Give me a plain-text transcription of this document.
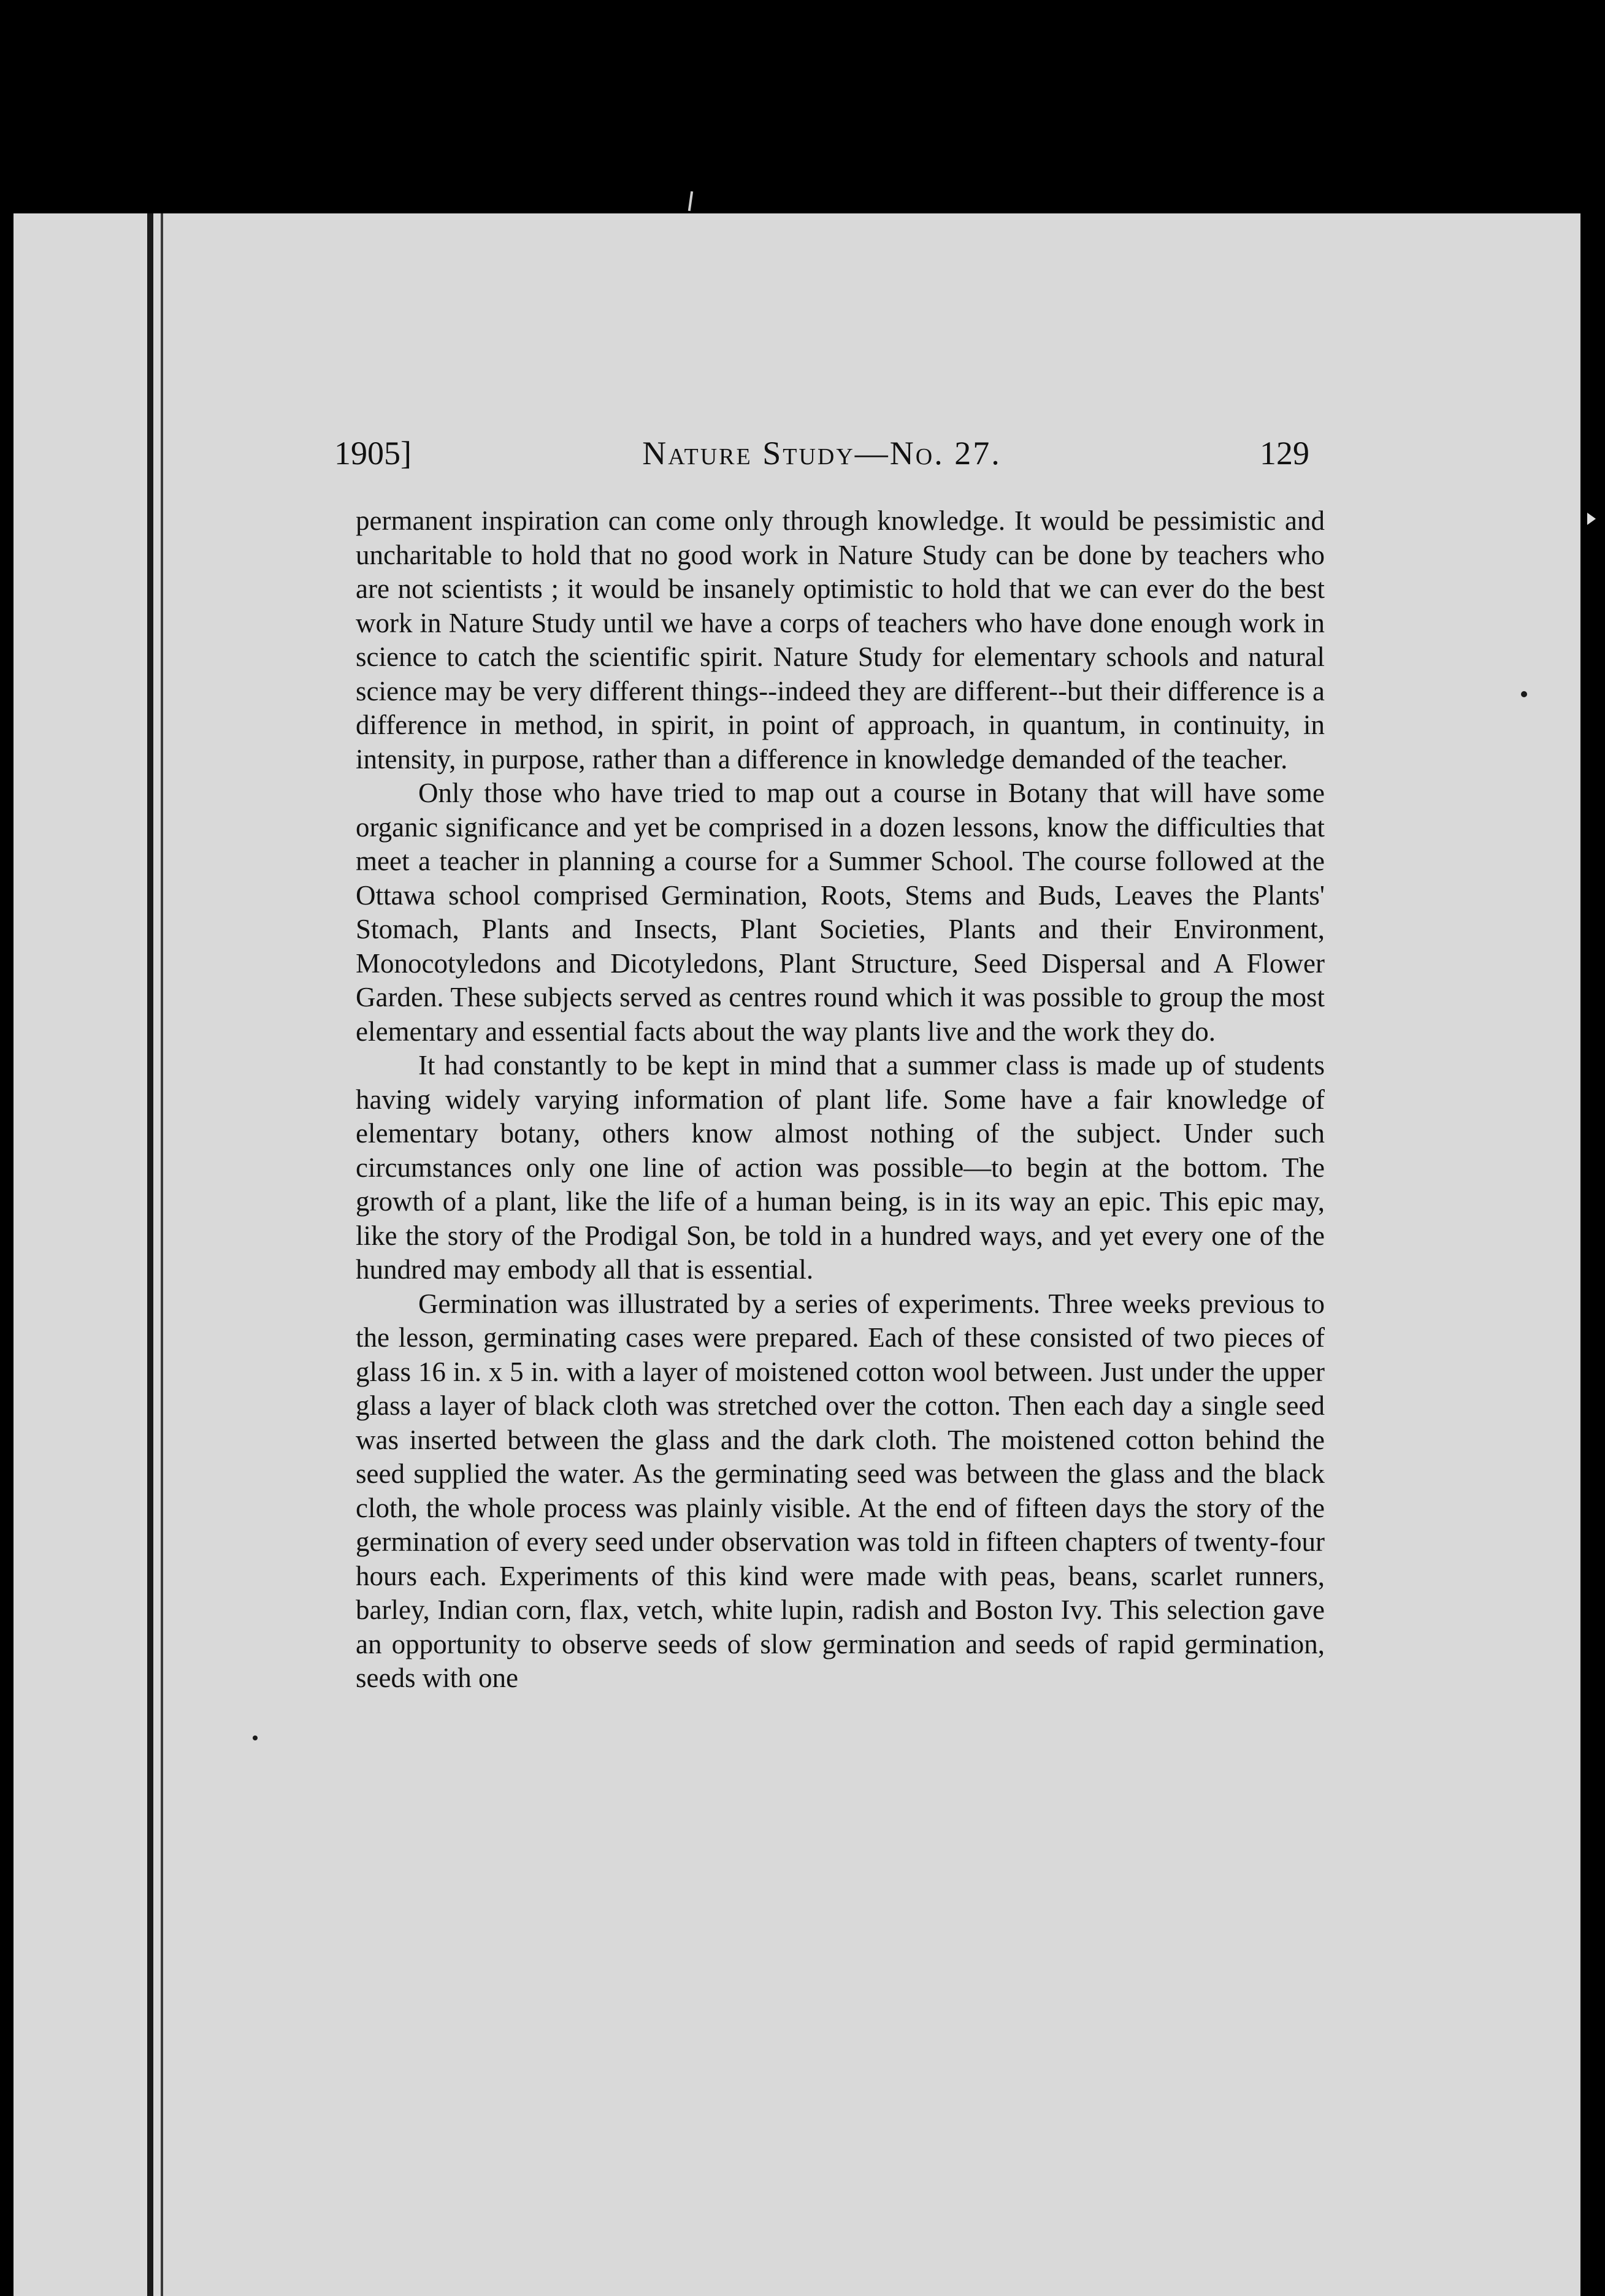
1905]	Nature Study—No. 27.	129

permanent inspiration can come only through knowledge. It would be pessimistic and uncharitable to hold that no good work in Nature Study can be done by teachers who are not scientists ; it would be insanely optimistic to hold that we can ever do the best work in Nature Study until we have a corps of teachers who have done enough work in science to catch the scientific spirit. Nature Study for elementary schools and natural science may be very different things--indeed they are different--but their difference is a difference in method, in spirit, in point of approach, in quantum, in continuity, in intensity, in purpose, rather than a difference in knowledge demanded of the teacher.

Only those who have tried to map out a course in Botany that will have some organic significance and yet be comprised in a dozen lessons, know the difficulties that meet a teacher in planning a course for a Summer School. The course followed at the Ottawa school comprised Germination, Roots, Stems and Buds, Leaves the Plants' Stomach, Plants and Insects, Plant Societies, Plants and their Environment, Monocotyledons and Dicotyledons, Plant Structure, Seed Dispersal and A Flower Garden. These subjects served as centres round which it was possible to group the most elementary and essential facts about the way plants live and the work they do.

It had constantly to be kept in mind that a summer class is made up of students having widely varying information of plant life. Some have a fair knowledge of elementary botany, others know almost nothing of the subject. Under such circumstances only one line of action was possible—to begin at the bottom. The growth of a plant, like the life of a human being, is in its way an epic. This epic may, like the story of the Prodigal Son, be told in a hundred ways, and yet every one of the hundred may embody all that is essential.

Germination was illustrated by a series of experiments. Three weeks previous to the lesson, germinating cases were prepared. Each of these consisted of two pieces of glass 16 in. x 5 in. with a layer of moistened cotton wool between. Just under the upper glass a layer of black cloth was stretched over the cotton. Then each day a single seed was inserted between the glass and the dark cloth. The moistened cotton behind the seed supplied the water. As the germinating seed was between the glass and the black cloth, the whole process was plainly visible. At the end of fifteen days the story of the germination of every seed under observation was told in fifteen chapters of twenty-four hours each. Experiments of this kind were made with peas, beans, scarlet runners, barley, Indian corn, flax, vetch, white lupin, radish and Boston Ivy. This selection gave an opportunity to observe seeds of slow germination and seeds of rapid germination, seeds with one
